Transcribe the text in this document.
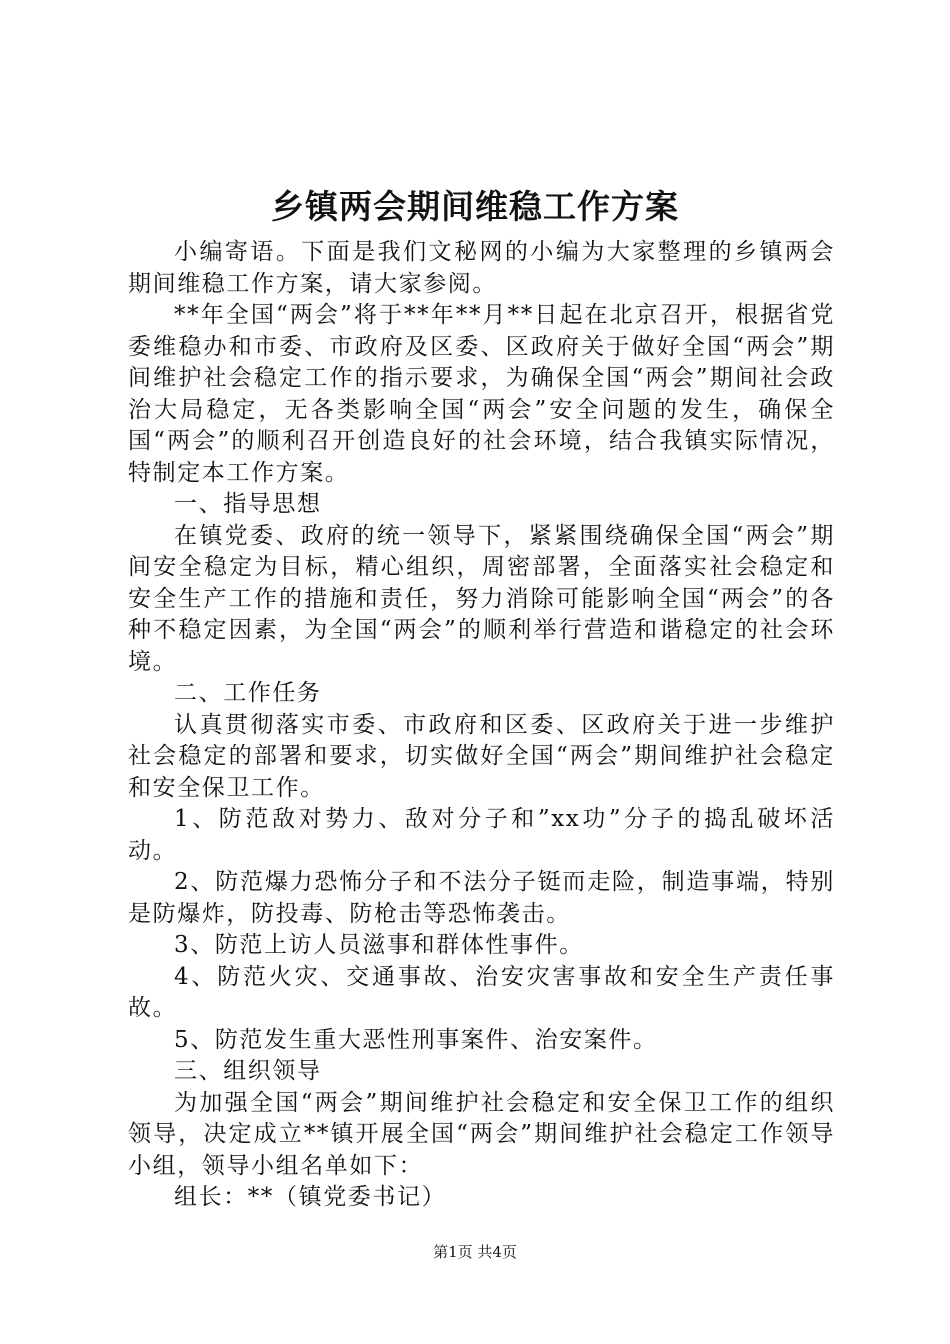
乡镇两会期间维稳工作方案

小编寄语。下面是我们文秘网的小编为大家整理的乡镇两会期间维稳工作方案，请大家参阅。

**年全国“两会”将于**年**月**日起在北京召开，根据省党委维稳办和市委、市政府及区委、区政府关于做好全国“两会”期间维护社会稳定工作的指示要求，为确保全国“两会”期间社会政治大局稳定，无各类影响全国“两会”安全问题的发生，确保全国“两会”的顺利召开创造良好的社会环境，结合我镇实际情况，特制定本工作方案。

一、指导思想

在镇党委、政府的统一领导下，紧紧围绕确保全国“两会”期间安全稳定为目标，精心组织，周密部署，全面落实社会稳定和安全生产工作的措施和责任，努力消除可能影响全国“两会”的各种不稳定因素，为全国“两会”的顺利举行营造和谐稳定的社会环境。

二、工作任务

认真贯彻落实市委、市政府和区委、区政府关于进一步维护社会稳定的部署和要求，切实做好全国“两会”期间维护社会稳定和安全保卫工作。

1、防范敌对势力、敌对分子和”xx功”分子的捣乱破坏活动。

2、防范爆力恐怖分子和不法分子铤而走险，制造事端，特别是防爆炸，防投毒、防枪击等恐怖袭击。

3、防范上访人员滋事和群体性事件。

4、防范火灾、交通事故、治安灾害事故和安全生产责任事故。

5、防范发生重大恶性刑事案件、治安案件。

三、组织领导

为加强全国“两会”期间维护社会稳定和安全保卫工作的组织领导，决定成立**镇开展全国“两会”期间维护社会稳定工作领导小组，领导小组名单如下：

组长：**（镇党委书记）

第1页 共4页
